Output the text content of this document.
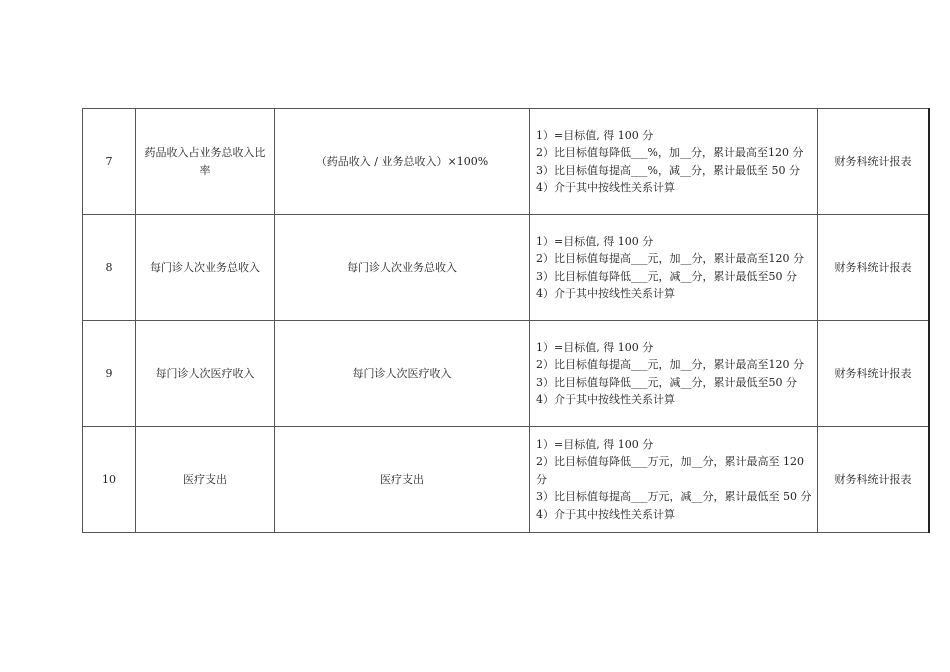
7	药品收入占业务总收入比率	（药品收入 / 业务总收入）×100%	1）=目标值, 得 100 分
2）比目标值每降低___%，加__分，累计最高至120 分
3）比目标值每提高___%，减__分，累计最低至 50 分
4）介于其中按线性关系计算	财务科统计报表
8	每门诊人次业务总收入	每门诊人次业务总收入	1）=目标值, 得 100 分
2）比目标值每提高___元，加__分，累计最高至120 分
3）比目标值每降低___元，减__分，累计最低至50 分
4）介于其中按线性关系计算	财务科统计报表
9	每门诊人次医疗收入	每门诊人次医疗收入	1）=目标值, 得 100 分
2）比目标值每提高___元，加__分，累计最高至120 分
3）比目标值每降低___元，减__分，累计最低至50 分
4）介于其中按线性关系计算	财务科统计报表
10	医疗支出	医疗支出	1）=目标值, 得 100 分
2）比目标值每降低___万元，加__分，累计最高至 120 分
3）比目标值每提高___万元，减__分，累计最低至 50 分
4）介于其中按线性关系计算	财务科统计报表
